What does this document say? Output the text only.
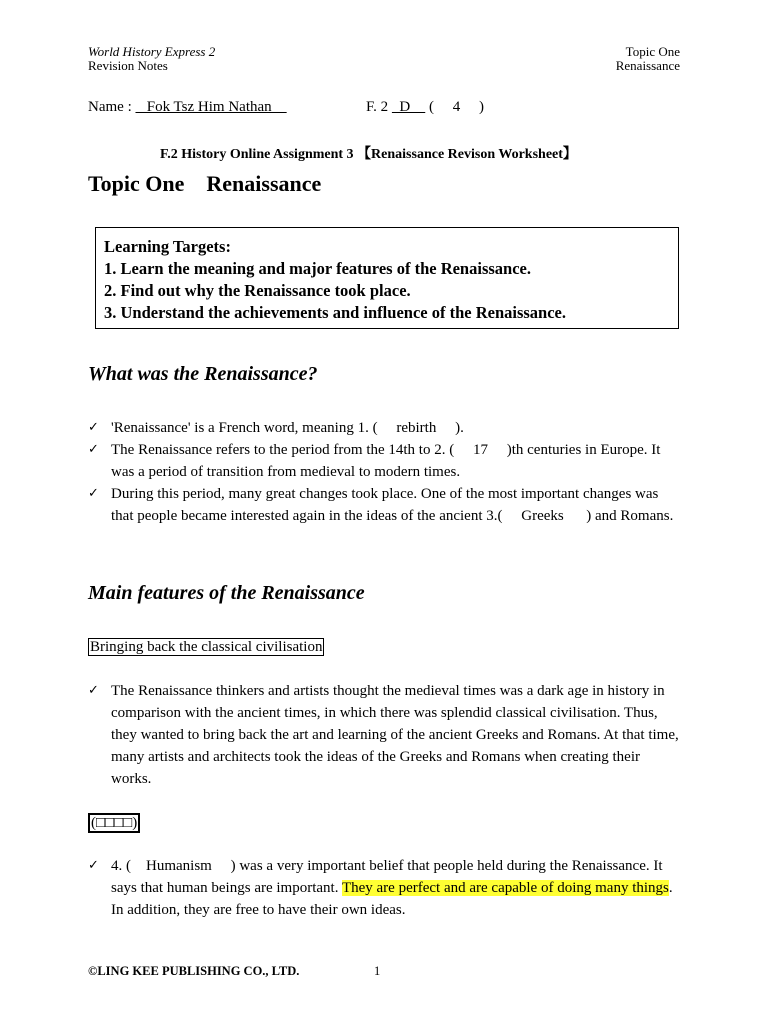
World History Express 2
Revision Notes
Topic One
Renaissance
Name :    Fok Tsz Him Nathan	F. 2   D     ( 4 )
F.2 History Online Assignment 3 【Renaissance Revison Worksheet】
Topic One    Renaissance
Learning Targets:
1. Learn the meaning and major features of the Renaissance.
2. Find out why the Renaissance took place.
3. Understand the achievements and influence of the Renaissance.
What was the Renaissance?
✓ 'Renaissance' is a French word, meaning 1. (     rebirth     ).
✓ The Renaissance refers to the period from the 14th to 2. (     17     )th centuries in Europe. It was a period of transition from medieval to modern times.
✓ During this period, many great changes took place. One of the most important changes was that people became interested again in the ideas of the ancient 3.(     Greeks      ) and Romans.
Main features of the Renaissance
Bringing back the classical civilisation
✓ The Renaissance thinkers and artists thought the medieval times was a dark age in history in comparison with the ancient times, in which there was splendid classical civilisation. Thus, they wanted to bring back the art and learning of the ancient Greeks and Romans. At that time, many artists and architects took the ideas of the Greeks and Romans when creating their works.
(□□□□)
✓ 4. (    Humanism     ) was a very important belief that people held during the Renaissance. It says that human beings are important. They are perfect and are capable of doing many things. In addition, they are free to have their own ideas.
©LING KEE PUBLISHING CO., LTD.	1
